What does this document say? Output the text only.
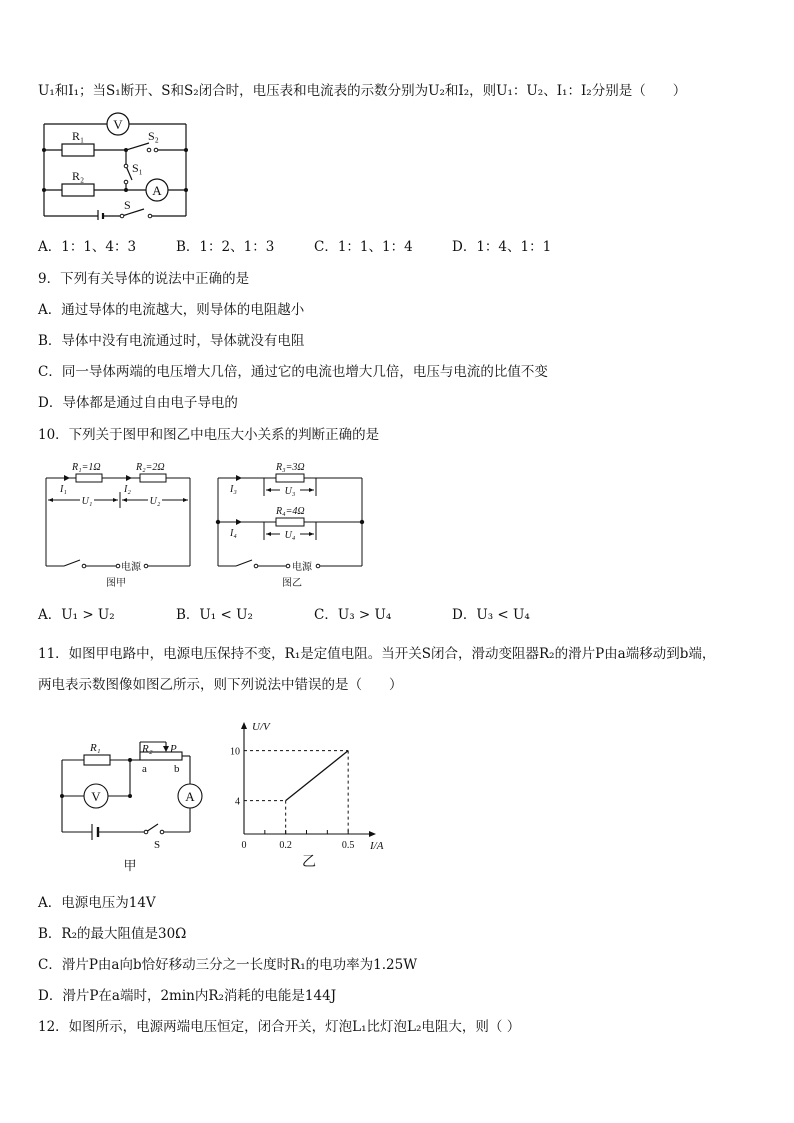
U₁和I₁；当S₁断开、S和S₂闭合时，电压表和电流表的示数分别为U₂和I₂，则U₁：U₂、I₁：I₂分别是（　　）
V
A
R₁
R₂
S₂
S₁
S
A．1：1、4：3	B．1：2、1：3	C．1：1、1：4	D．1：4、1：1
9．下列有关导体的说法中正确的是
A．通过导体的电流越大，则导体的电阻越小
B．导体中没有电流通过时，导体就没有电阻
C．同一导体两端的电压增大几倍，通过它的电流也增大几倍，电压与电流的比值不变
D．导体都是通过自由电子导电的
10．下列关于图甲和图乙中电压大小关系的判断正确的是
R₁=1Ω	R₂=2Ω
I₁	I₂
U₁	U₂
电源
图甲
R₃=3Ω
R₄=4Ω
I₃
I₄
U₃
U₄
电源
图乙
A．U₁ > U₂	B．U₁ < U₂	C．U₃ > U₄	D．U₃ < U₄
11．如图甲电路中，电源电压保持不变，R₁是定值电阻。当开关S闭合，滑动变阻器R₂的滑片P由a端移动到b端，
两电表示数图像如图乙所示，则下列说法中错误的是（　　）
V	A
R₁	R₂ P
a b
S
甲
0.2	0.5
4
10
U/V
I/A
0
乙
A．电源电压为14V
B．R₂的最大阻值是30Ω
C．滑片P由a向b恰好移动三分之一长度时R₁的电功率为1.25W
D．滑片P在a端时，2min内R₂消耗的电能是144J
12．如图所示，电源两端电压恒定，闭合开关，灯泡L₁比灯泡L₂电阻大，则（ ）
